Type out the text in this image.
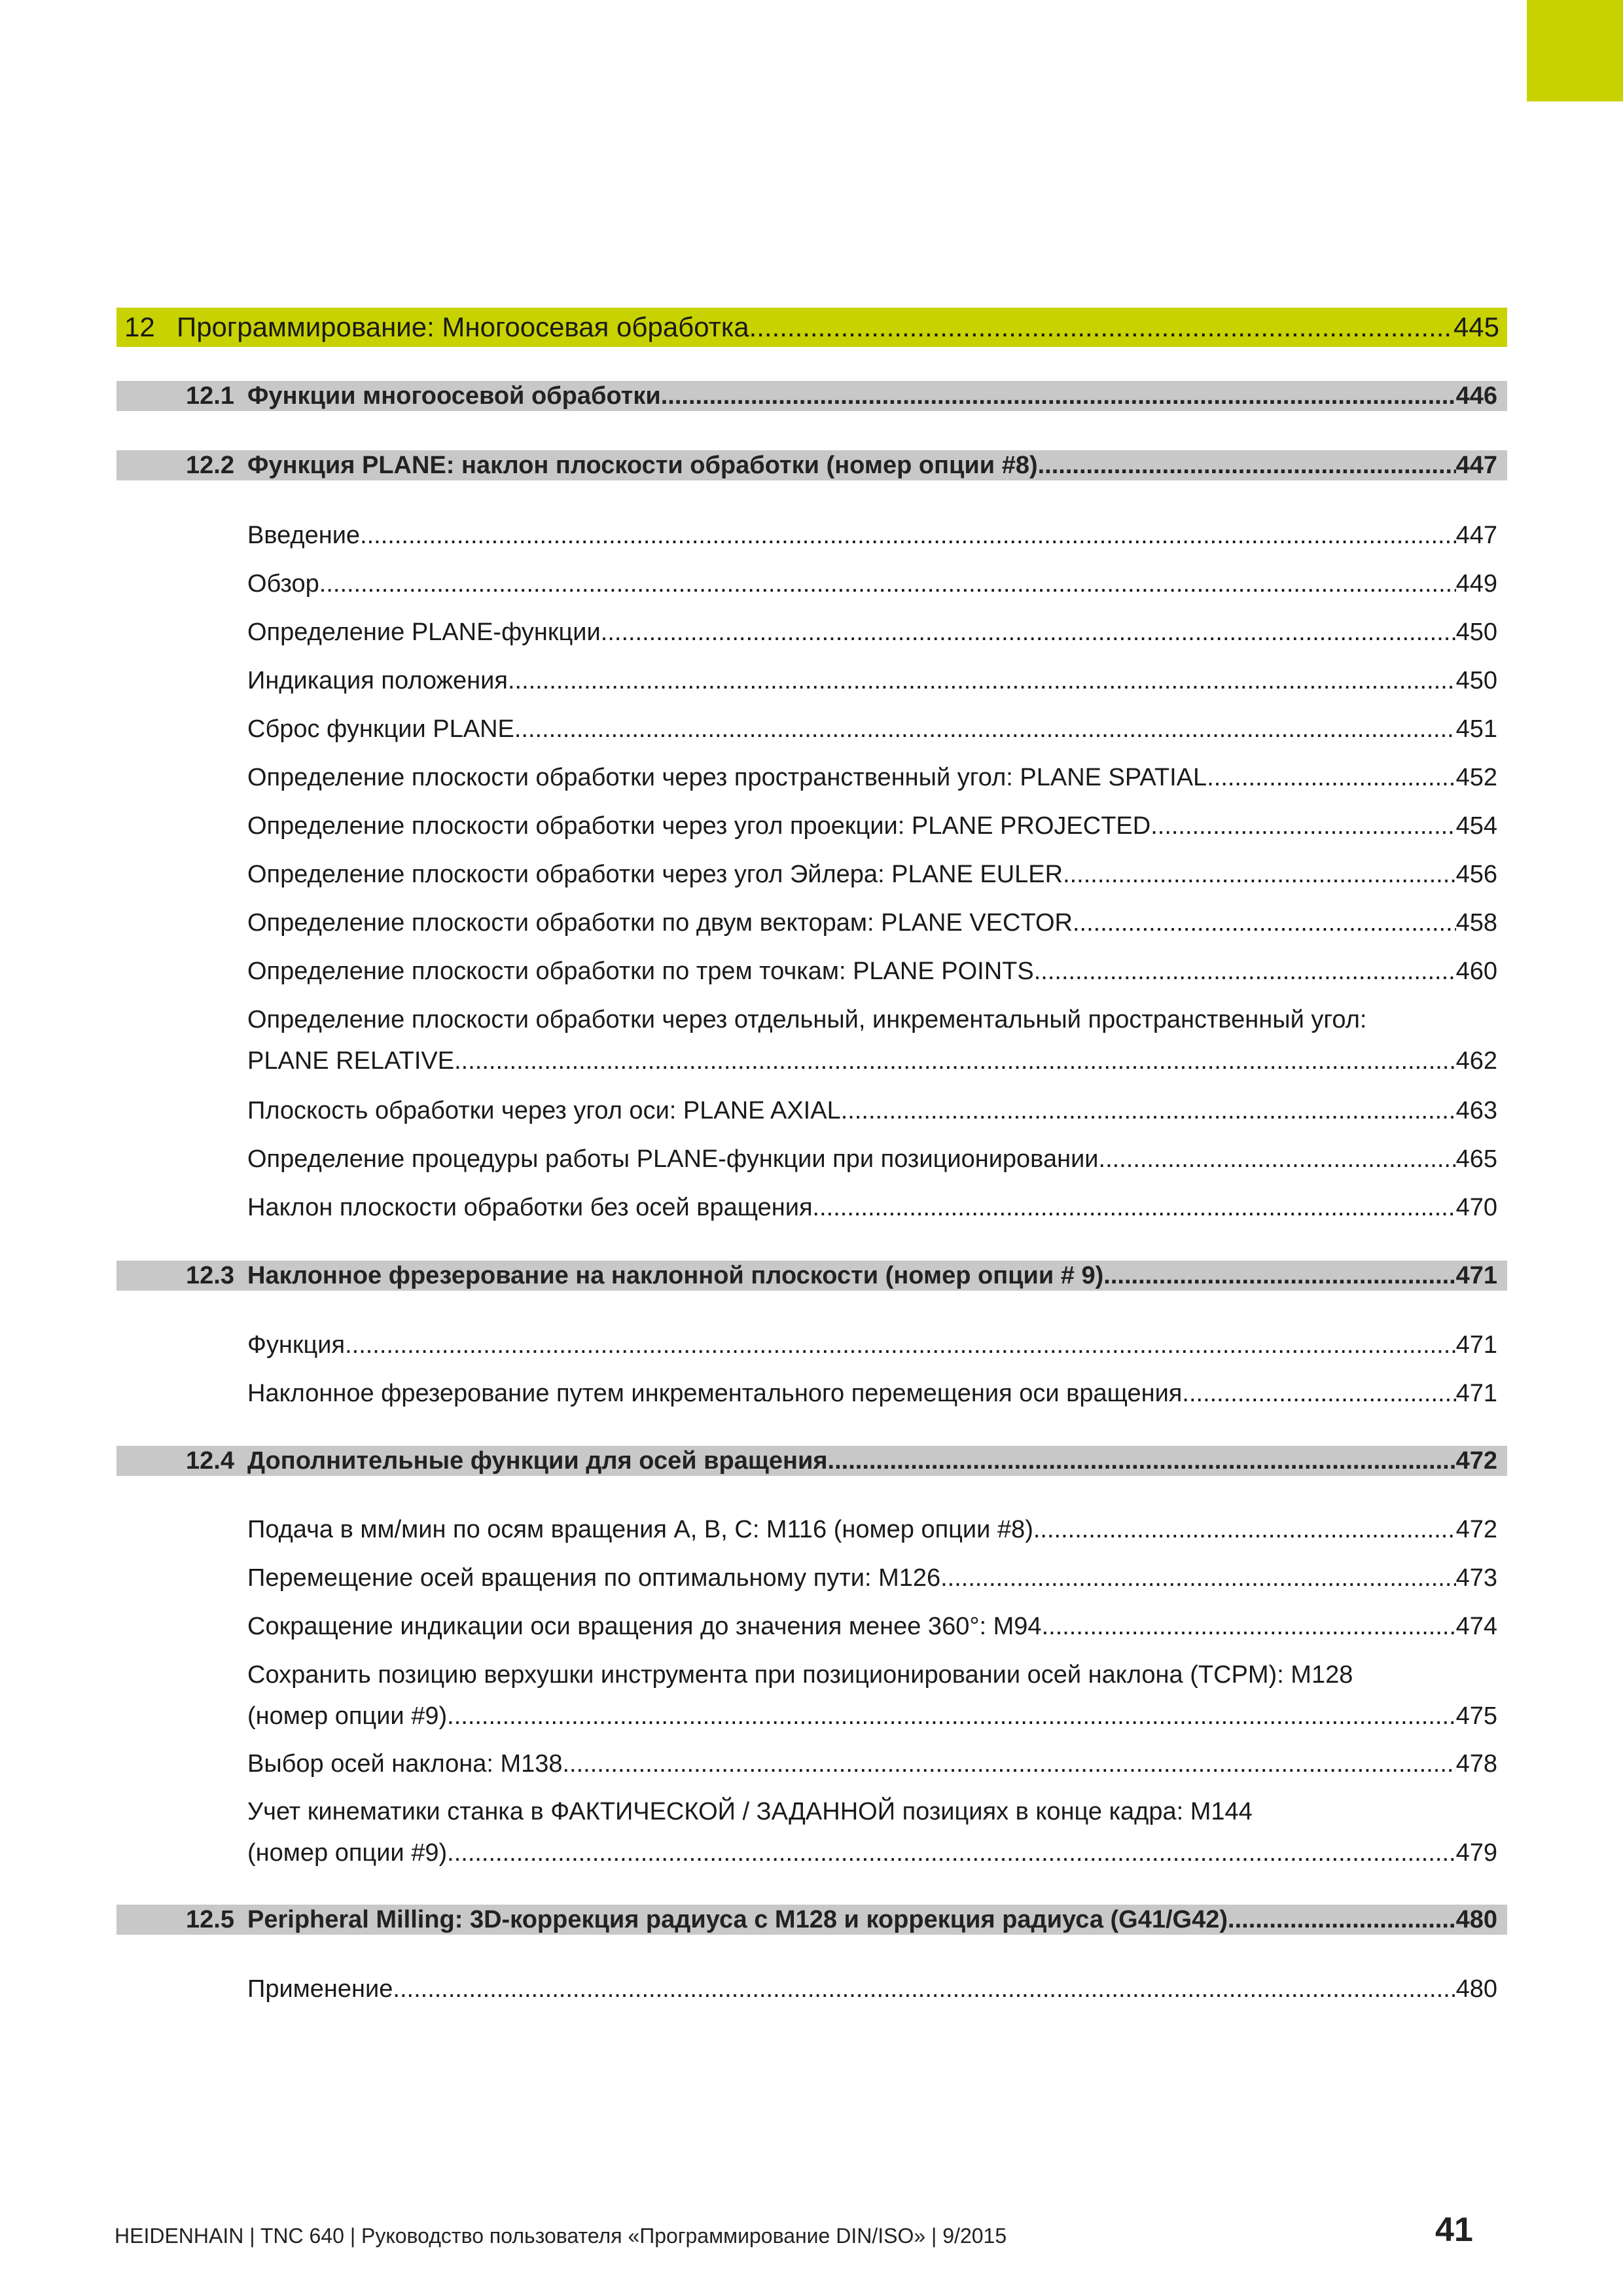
12 Программирование: Многоосевая обработка .....	445
12.1 Функции многоосевой обработки .....	446
12.2 Функция PLANE: наклон плоскости обработки (номер опции #8) .....	447
Введение .....	447
Обзор .....	449
Определение PLANE-функции .....	450
Индикация положения .....	450
Сброс функции PLANE .....	451
Определение плоскости обработки через пространственный угол: PLANE SPATIAL .....	452
Определение плоскости обработки через угол проекции: PLANE PROJECTED .....	454
Определение плоскости обработки через угол Эйлера: PLANE EULER .....	456
Определение плоскости обработки по двум векторам: PLANE VECTOR .....	458
Определение плоскости обработки по трем точкам: PLANE POINTS .....	460
Определение плоскости обработки через отдельный, инкрементальный пространственный угол:
PLANE RELATIVE .....	462
Плоскость обработки через угол оси: PLANE AXIAL .....	463
Определение процедуры работы PLANE-функции при позиционировании .....	465
Наклон плоскости обработки без осей вращения .....	470
12.3 Наклонное фрезерование на наклонной плоскости (номер опции # 9) .....	471
Функция .....	471
Наклонное фрезерование путем инкрементального перемещения оси вращения .....	471
12.4 Дополнительные функции для осей вращения .....	472
Подача в мм/мин по осям вращения A, B, C: M116 (номер опции #8) .....	472
Перемещение осей вращения по оптимальному пути: M126 .....	473
Сокращение индикации оси вращения до значения менее 360°: M94 .....	474
Сохранить позицию верхушки инструмента при позиционировании осей наклона (TCPM): M128
(номер опции #9) .....	475
Выбор осей наклона: M138 .....	478
Учет кинематики станка в ФАКТИЧЕСКОЙ / ЗАДАННОЙ позициях в конце кадра: M144
(номер опции #9) .....	479
12.5 Peripheral Milling: 3D-коррекция радиуса с M128 и коррекция радиуса (G41/G42) .....	480
Применение .....	480
HEIDENHAIN | TNC 640 | Руководство пользователя «Программирование DIN/ISO» | 9/2015	41
